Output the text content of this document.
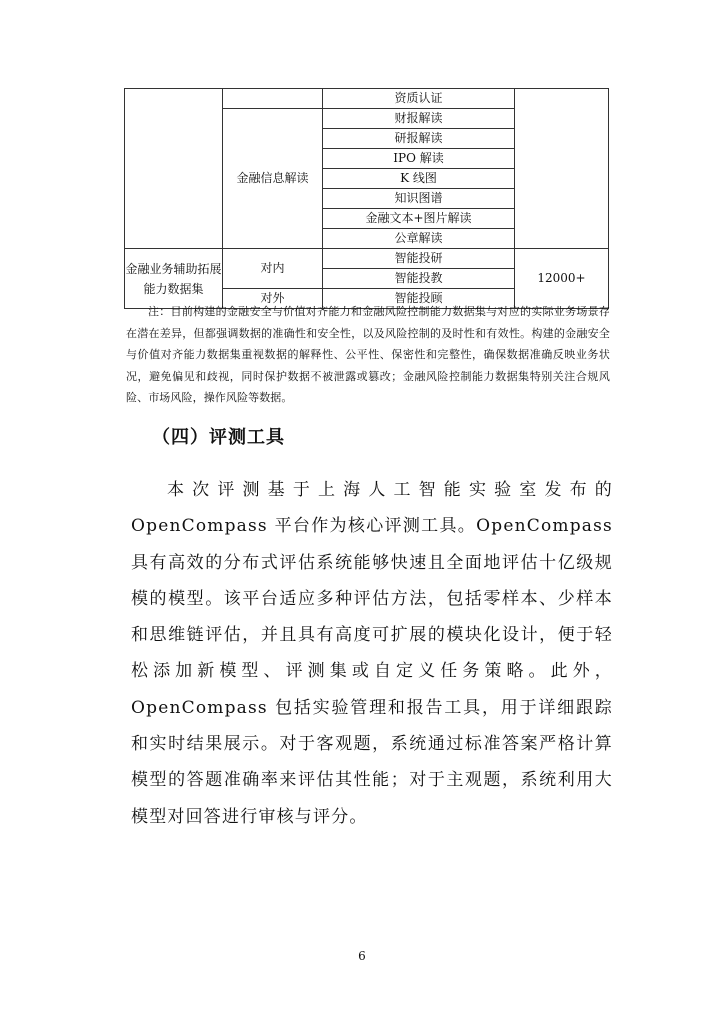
		资质认证	
	金融信息解读	财报解读	
		研报解读	
		IPO 解读	
		K 线图	
		知识图谱	
		金融文本+图片解读	
		公章解读	
金融业务辅助拓展能力数据集	对内	智能投研	12000+
		智能投教	
	对外	智能投顾	

注：目前构建的金融安全与价值对齐能力和金融风险控制能力数据集与对应的实际业务场景存在潜在差异，但都强调数据的准确性和安全性，以及风险控制的及时性和有效性。构建的金融安全与价值对齐能力数据集重视数据的解释性、公平性、保密性和完整性，确保数据准确反映业务状况，避免偏见和歧视，同时保护数据不被泄露或篡改；金融风险控制能力数据集特别关注合规风险、市场风险，操作风险等数据。

（四）评测工具

本次评测基于上海人工智能实验室发布的 OpenCompass 平台作为核心评测工具。OpenCompass 具有高效的分布式评估系统能够快速且全面地评估十亿级规模的模型。该平台适应多种评估方法，包括零样本、少样本和思维链评估，并且具有高度可扩展的模块化设计，便于轻松添加新模型、评测集或自定义任务策略。此外，OpenCompass 包括实验管理和报告工具，用于详细跟踪和实时结果展示。对于客观题，系统通过标准答案严格计算模型的答题准确率来评估其性能；对于主观题，系统利用大模型对回答进行审核与评分。

6
